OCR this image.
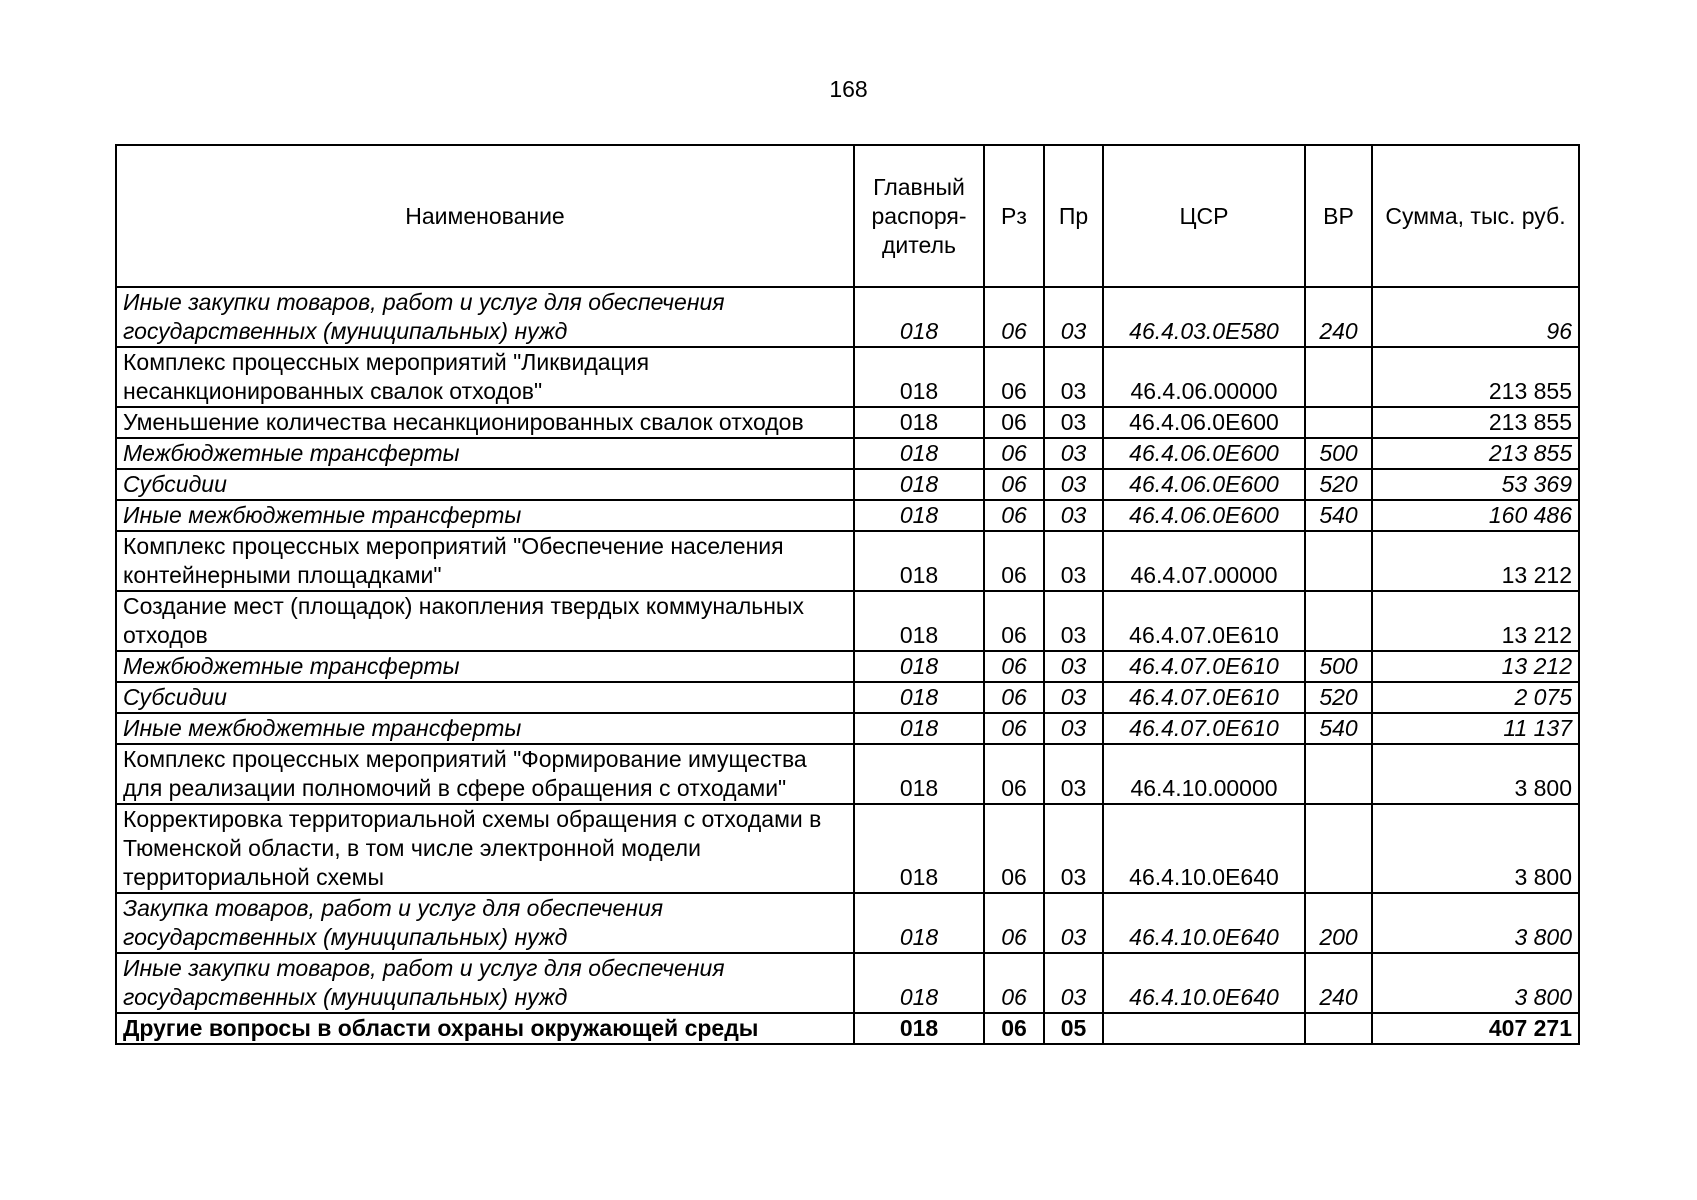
168
Наименование	Главный распоря-дитель	Рз	Пр	ЦСР	ВР	Сумма, тыс. руб.
Иные закупки товаров, работ и услуг для обеспечения государственных (муниципальных) нужд	018	06	03	46.4.03.0Е580	240	96
Комплекс процессных мероприятий "Ликвидация несанкционированных свалок отходов"	018	06	03	46.4.06.00000		213 855
Уменьшение количества несанкционированных свалок отходов	018	06	03	46.4.06.0Е600		213 855
Межбюджетные трансферты	018	06	03	46.4.06.0Е600	500	213 855
Субсидии	018	06	03	46.4.06.0Е600	520	53 369
Иные межбюджетные трансферты	018	06	03	46.4.06.0Е600	540	160 486
Комплекс процессных мероприятий "Обеспечение населения контейнерными площадками"	018	06	03	46.4.07.00000		13 212
Создание мест (площадок) накопления твердых коммунальных отходов	018	06	03	46.4.07.0Е610		13 212
Межбюджетные трансферты	018	06	03	46.4.07.0Е610	500	13 212
Субсидии	018	06	03	46.4.07.0Е610	520	2 075
Иные межбюджетные трансферты	018	06	03	46.4.07.0Е610	540	11 137
Комплекс процессных мероприятий "Формирование имущества для реализации полномочий в сфере обращения с отходами"	018	06	03	46.4.10.00000		3 800
Корректировка территориальной схемы обращения с отходами в Тюменской области, в том числе электронной модели территориальной схемы	018	06	03	46.4.10.0Е640		3 800
Закупка товаров, работ и услуг для обеспечения государственных (муниципальных) нужд	018	06	03	46.4.10.0Е640	200	3 800
Иные закупки товаров, работ и услуг для обеспечения государственных (муниципальных) нужд	018	06	03	46.4.10.0Е640	240	3 800
Другие вопросы в области охраны окружающей среды	018	06	05			407 271
